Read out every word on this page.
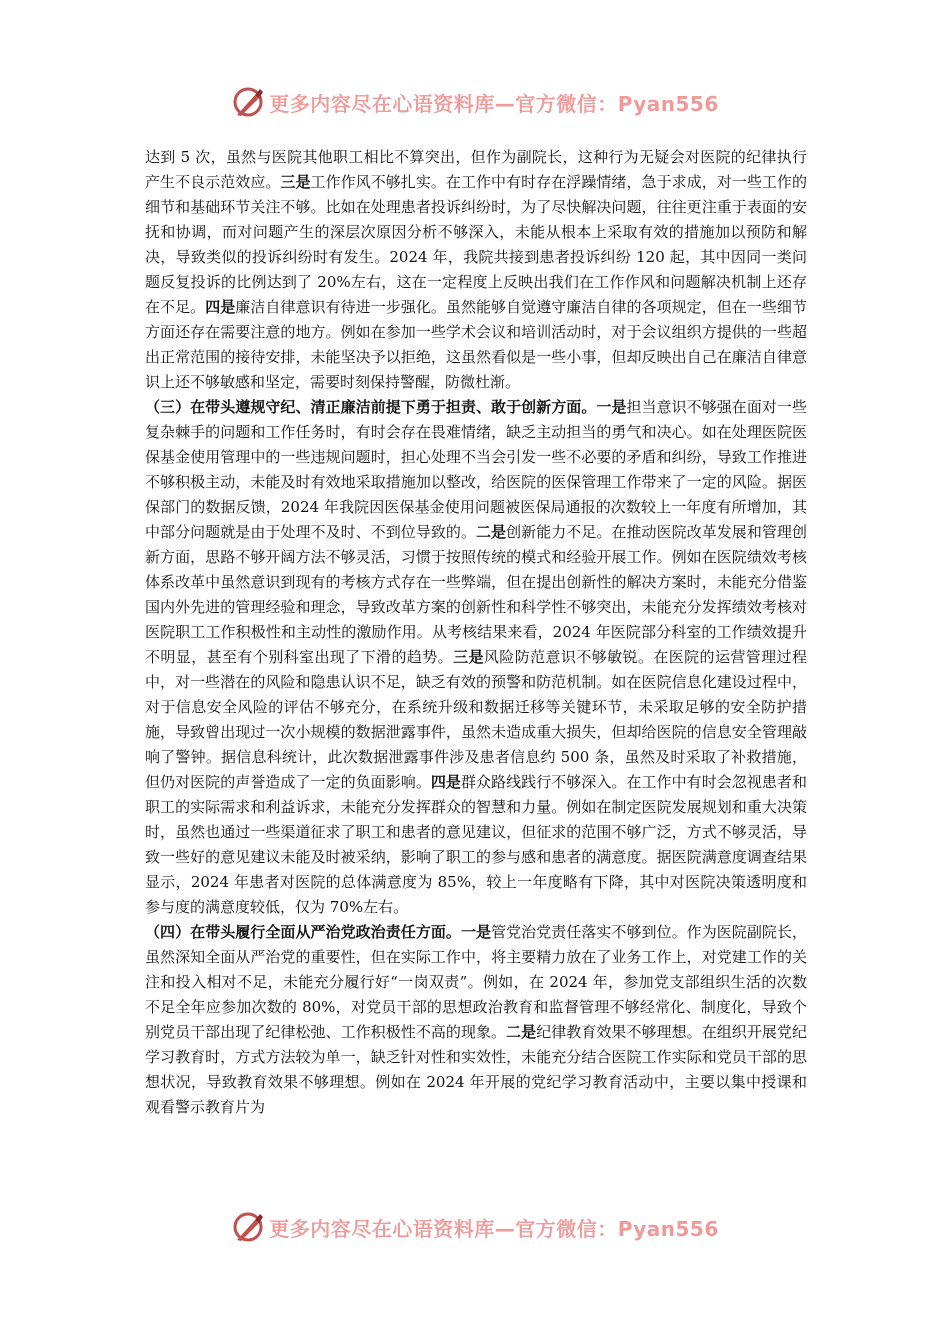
更多内容尽在心语资料库—官方微信：Pyan556

达到 5 次，虽然与医院其他职工相比不算突出，但作为副院长，这种行为无疑会对医院的纪律执行产生不良示范效应。三是工作作风不够扎实。在工作中有时存在浮躁情绪，急于求成，对一些工作的细节和基础环节关注不够。比如在处理患者投诉纠纷时，为了尽快解决问题，往往更注重于表面的安抚和协调，而对问题产生的深层次原因分析不够深入，未能从根本上采取有效的措施加以预防和解决，导致类似的投诉纠纷时有发生。2024 年，我院共接到患者投诉纠纷 120 起，其中因同一类问题反复投诉的比例达到了 20%左右，这在一定程度上反映出我们在工作作风和问题解决机制上还存在不足。四是廉洁自律意识有待进一步强化。虽然能够自觉遵守廉洁自律的各项规定，但在一些细节方面还存在需要注意的地方。例如在参加一些学术会议和培训活动时，对于会议组织方提供的一些超出正常范围的接待安排，未能坚决予以拒绝，这虽然看似是一些小事，但却反映出自己在廉洁自律意识上还不够敏感和坚定，需要时刻保持警醒，防微杜渐。

（三）在带头遵规守纪、清正廉洁前提下勇于担责、敢于创新方面。一是担当意识不够强在面对一些复杂棘手的问题和工作任务时，有时会存在畏难情绪，缺乏主动担当的勇气和决心。如在处理医院医保基金使用管理中的一些违规问题时，担心处理不当会引发一些不必要的矛盾和纠纷，导致工作推进不够积极主动，未能及时有效地采取措施加以整改，给医院的医保管理工作带来了一定的风险。据医保部门的数据反馈，2024 年我院因医保基金使用问题被医保局通报的次数较上一年度有所增加，其中部分问题就是由于处理不及时、不到位导致的。二是创新能力不足。在推动医院改革发展和管理创新方面，思路不够开阔方法不够灵活，习惯于按照传统的模式和经验开展工作。例如在医院绩效考核体系改革中虽然意识到现有的考核方式存在一些弊端，但在提出创新性的解决方案时，未能充分借鉴国内外先进的管理经验和理念，导致改革方案的创新性和科学性不够突出，未能充分发挥绩效考核对医院职工工作积极性和主动性的激励作用。从考核结果来看，2024 年医院部分科室的工作绩效提升不明显，甚至有个别科室出现了下滑的趋势。三是风险防范意识不够敏锐。在医院的运营管理过程中，对一些潜在的风险和隐患认识不足，缺乏有效的预警和防范机制。如在医院信息化建设过程中，对于信息安全风险的评估不够充分，在系统升级和数据迁移等关键环节，未采取足够的安全防护措施，导致曾出现过一次小规模的数据泄露事件，虽然未造成重大损失，但却给医院的信息安全管理敲响了警钟。据信息科统计，此次数据泄露事件涉及患者信息约 500 条，虽然及时采取了补救措施，但仍对医院的声誉造成了一定的负面影响。四是群众路线践行不够深入。在工作中有时会忽视患者和职工的实际需求和利益诉求，未能充分发挥群众的智慧和力量。例如在制定医院发展规划和重大决策时，虽然也通过一些渠道征求了职工和患者的意见建议，但征求的范围不够广泛，方式不够灵活，导致一些好的意见建议未能及时被采纳，影响了职工的参与感和患者的满意度。据医院满意度调查结果显示，2024 年患者对医院的总体满意度为 85%，较上一年度略有下降，其中对医院决策透明度和参与度的满意度较低，仅为 70%左右。

（四）在带头履行全面从严治党政治责任方面。一是管党治党责任落实不够到位。作为医院副院长，虽然深知全面从严治党的重要性，但在实际工作中，将主要精力放在了业务工作上，对党建工作的关注和投入相对不足，未能充分履行好“一岗双责”。例如，在 2024 年，参加党支部组织生活的次数不足全年应参加次数的 80%，对党员干部的思想政治教育和监督管理不够经常化、制度化，导致个别党员干部出现了纪律松弛、工作积极性不高的现象。二是纪律教育效果不够理想。在组织开展党纪学习教育时，方式方法较为单一，缺乏针对性和实效性，未能充分结合医院工作实际和党员干部的思想状况，导致教育效果不够理想。例如在 2024 年开展的党纪学习教育活动中，主要以集中授课和观看警示教育片为

更多内容尽在心语资料库—官方微信：Pyan556
